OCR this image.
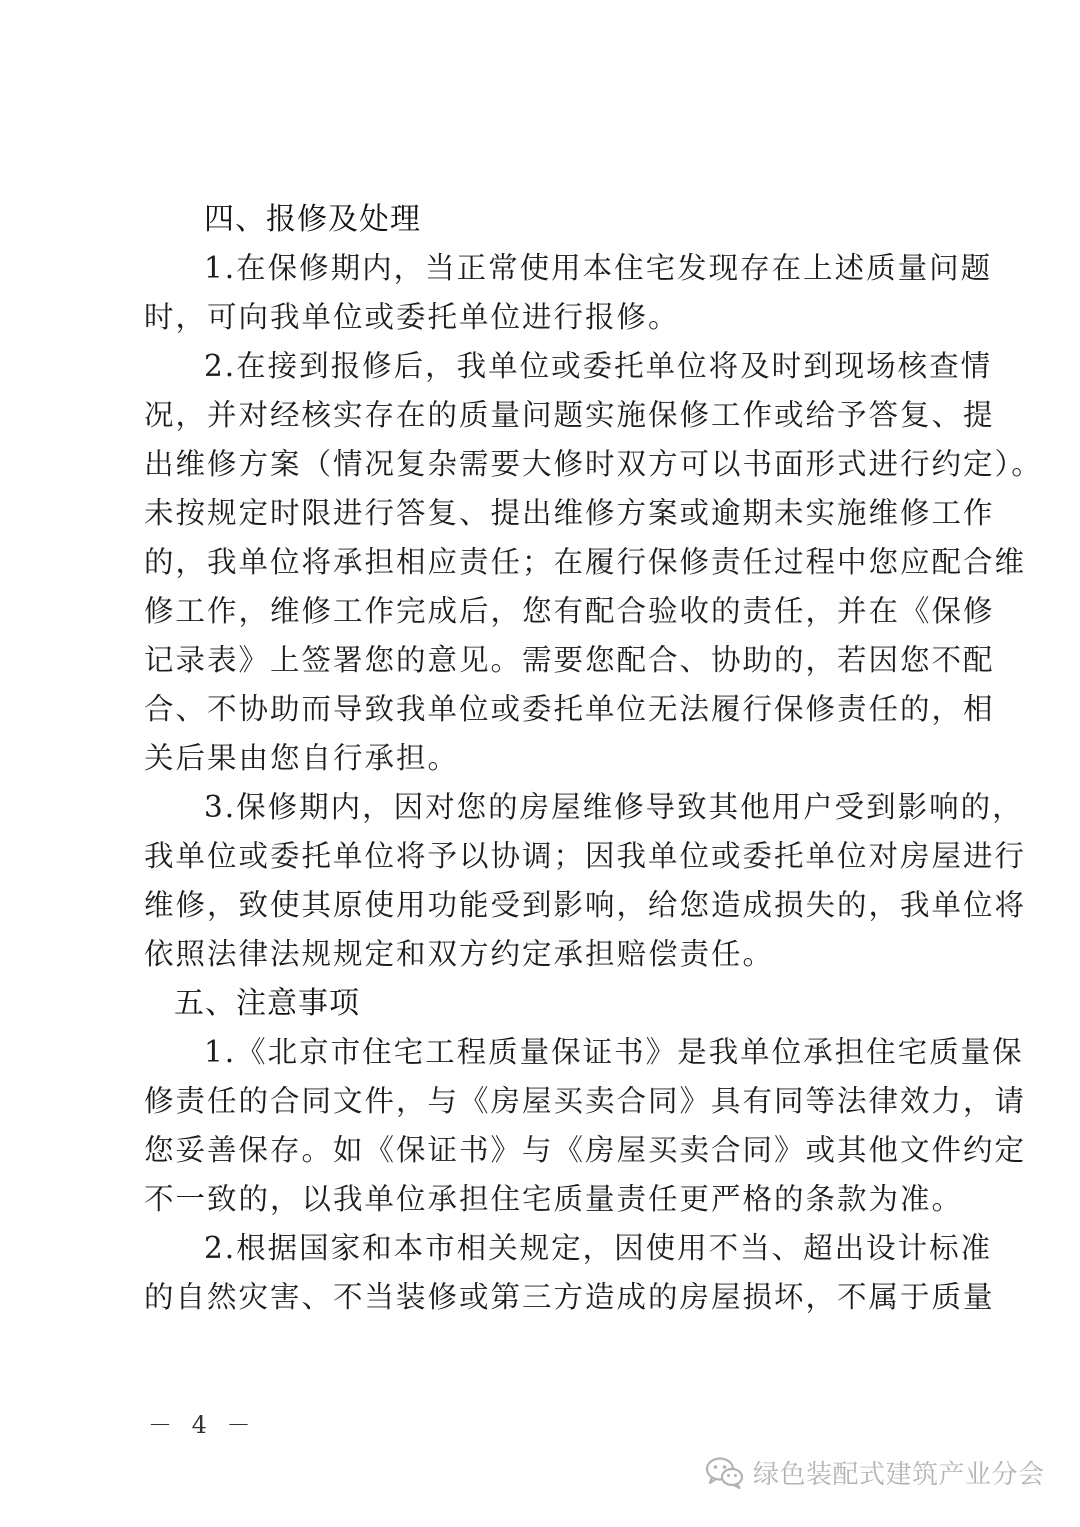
四、报修及处理
1.在保修期内，当正常使用本住宅发现存在上述质量问题
时，可向我单位或委托单位进行报修。
2.在接到报修后，我单位或委托单位将及时到现场核查情
况，并对经核实存在的质量问题实施保修工作或给予答复、提
出维修方案（情况复杂需要大修时双方可以书面形式进行约定）。
未按规定时限进行答复、提出维修方案或逾期未实施维修工作
的，我单位将承担相应责任；在履行保修责任过程中您应配合维
修工作，维修工作完成后，您有配合验收的责任，并在《保修
记录表》上签署您的意见。需要您配合、协助的，若因您不配
合、不协助而导致我单位或委托单位无法履行保修责任的，相
关后果由您自行承担。
3.保修期内，因对您的房屋维修导致其他用户受到影响的，
我单位或委托单位将予以协调；因我单位或委托单位对房屋进行
维修，致使其原使用功能受到影响，给您造成损失的，我单位将
依照法律法规规定和双方约定承担赔偿责任。
五、注意事项
1.《北京市住宅工程质量保证书》是我单位承担住宅质量保
修责任的合同文件，与《房屋买卖合同》具有同等法律效力，请
您妥善保存。如《保证书》与《房屋买卖合同》或其他文件约定
不一致的，以我单位承担住宅质量责任更严格的条款为准。
2.根据国家和本市相关规定，因使用不当、超出设计标准
的自然灾害、不当装修或第三方造成的房屋损坏，不属于质量
－ 4 －
绿色装配式建筑产业分会
